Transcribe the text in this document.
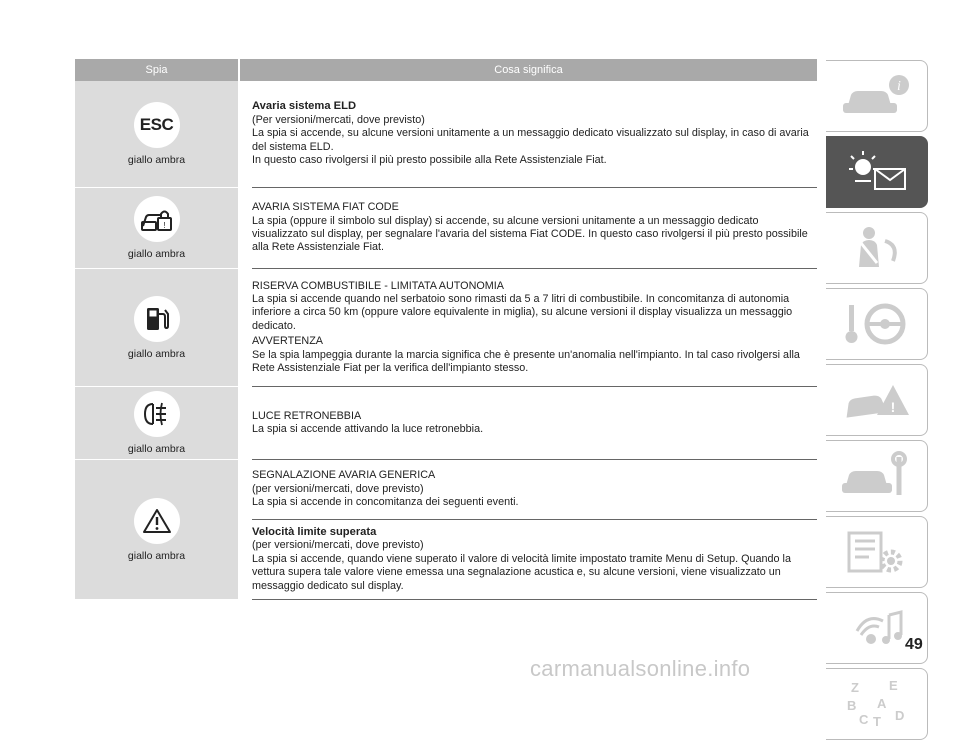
Spia	Cosa significa
ESC
giallo ambra
Avaria sistema ELD
(Per versioni/mercati, dove previsto)
La spia si accende, su alcune versioni unitamente a un messaggio dedicato visualizzato sul display, in caso di avaria del sistema ELD.
In questo caso rivolgersi il più presto possibile alla Rete Assistenziale Fiat.
!
giallo ambra
AVARIA SISTEMA FIAT CODE
La spia (oppure il simbolo sul display) si accende, su alcune versioni unitamente a un messaggio dedicato visualizzato sul display, per segnalare l'avaria del sistema Fiat CODE. In questo caso rivolgersi il più presto possibile alla Rete Assistenziale Fiat.
giallo ambra
RISERVA COMBUSTIBILE - LIMITATA AUTONOMIA
La spia si accende quando nel serbatoio sono rimasti da 5 a 7 litri di combustibile. In concomitanza di autonomia inferiore a circa 50 km (oppure valore equivalente in miglia), su alcune versioni il display visualizza un messaggio dedicato.
AVVERTENZA
Se la spia lampeggia durante la marcia significa che è presente un'anomalia nell'impianto. In tal caso rivolgersi alla Rete Assistenziale Fiat per la verifica dell'impianto stesso.
giallo ambra
LUCE RETRONEBBIA
La spia si accende attivando la luce retronebbia.
giallo ambra
SEGNALAZIONE AVARIA GENERICA
(per versioni/mercati, dove previsto)
La spia si accende in concomitanza dei seguenti eventi.
Velocità limite superata
(per versioni/mercati, dove previsto)
La spia si accende, quando viene superato il valore di velocità limite impostato tramite Menu di Setup. Quando la vettura supera tale valore viene emessa una segnalazione acustica e, su alcune versioni, viene visualizzato un messaggio dedicato sul display.
i
!
Z E
B A
C T D
49
carmanualsonline.info
